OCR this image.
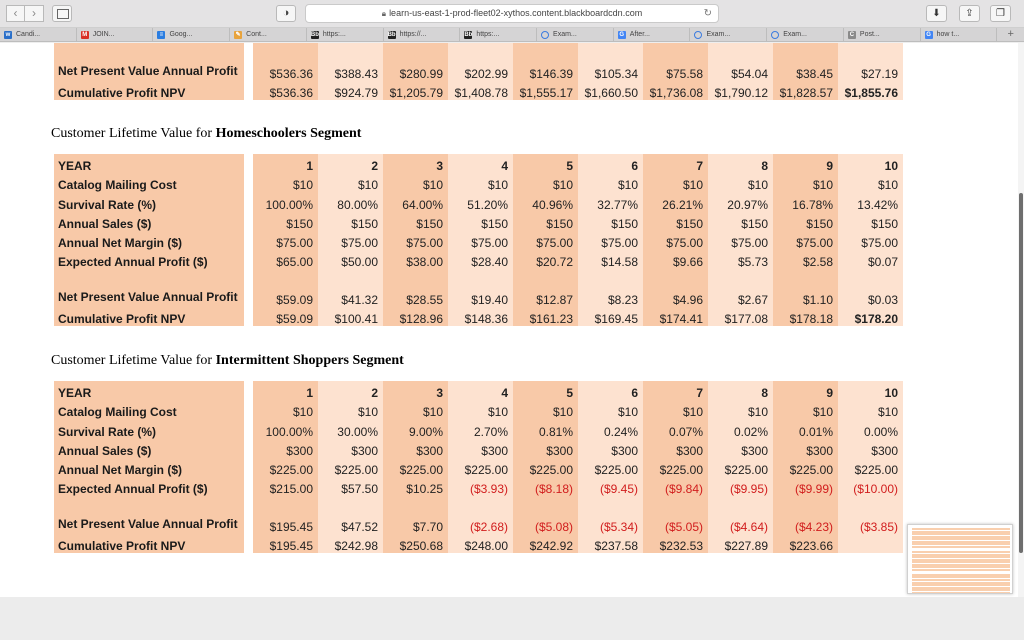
‹	›	◑	🔒︎ learn-us-east-1-prod-fleet02-xythos.content.blackboardcdn.com	↻	⬇	⇪	❐
w Candi...	M JOIN...	≡ Goog...	✎ Cont...	Bb https:...	Bb https://...	Bb https:...	Exam...	G After...	Exam...	Exam...	C Post...	G how t...	+
Net Present Value Annual Profit		$536.36	$388.43	$280.99	$202.99	$146.39	$105.34	$75.58	$54.04	$38.45	$27.19
Cumulative Profit NPV		$536.36	$924.79	$1,205.79	$1,408.78	$1,555.17	$1,660.50	$1,736.08	$1,790.12	$1,828.57	$1,855.76
Customer Lifetime Value for Homeschoolers Segment
YEAR		1	2	3	4	5	6	7	8	9	10
Catalog Mailing Cost		$10	$10	$10	$10	$10	$10	$10	$10	$10	$10
Survival Rate (%)		100.00%	80.00%	64.00%	51.20%	40.96%	32.77%	26.21%	20.97%	16.78%	13.42%
Annual Sales ($)		$150	$150	$150	$150	$150	$150	$150	$150	$150	$150
Annual Net Margin ($)		$75.00	$75.00	$75.00	$75.00	$75.00	$75.00	$75.00	$75.00	$75.00	$75.00
Expected Annual Profit ($)		$65.00	$50.00	$38.00	$28.40	$20.72	$14.58	$9.66	$5.73	$2.58	$0.07
Net Present Value Annual Profit		$59.09	$41.32	$28.55	$19.40	$12.87	$8.23	$4.96	$2.67	$1.10	$0.03
Cumulative Profit NPV		$59.09	$100.41	$128.96	$148.36	$161.23	$169.45	$174.41	$177.08	$178.18	$178.20
Customer Lifetime Value for Intermittent Shoppers Segment
YEAR		1	2	3	4	5	6	7	8	9	10
Catalog Mailing Cost		$10	$10	$10	$10	$10	$10	$10	$10	$10	$10
Survival Rate (%)		100.00%	30.00%	9.00%	2.70%	0.81%	0.24%	0.07%	0.02%	0.01%	0.00%
Annual Sales ($)		$300	$300	$300	$300	$300	$300	$300	$300	$300	$300
Annual Net Margin ($)		$225.00	$225.00	$225.00	$225.00	$225.00	$225.00	$225.00	$225.00	$225.00	$225.00
Expected Annual Profit ($)		$215.00	$57.50	$10.25	($3.93)	($8.18)	($9.45)	($9.84)	($9.95)	($9.99)	($10.00)
Net Present Value Annual Profit		$195.45	$47.52	$7.70	($2.68)	($5.08)	($5.34)	($5.05)	($4.64)	($4.23)	($3.85)
Cumulative Profit NPV		$195.45	$242.98	$250.68	$248.00	$242.92	$237.58	$232.53	$227.89	$223.66	
